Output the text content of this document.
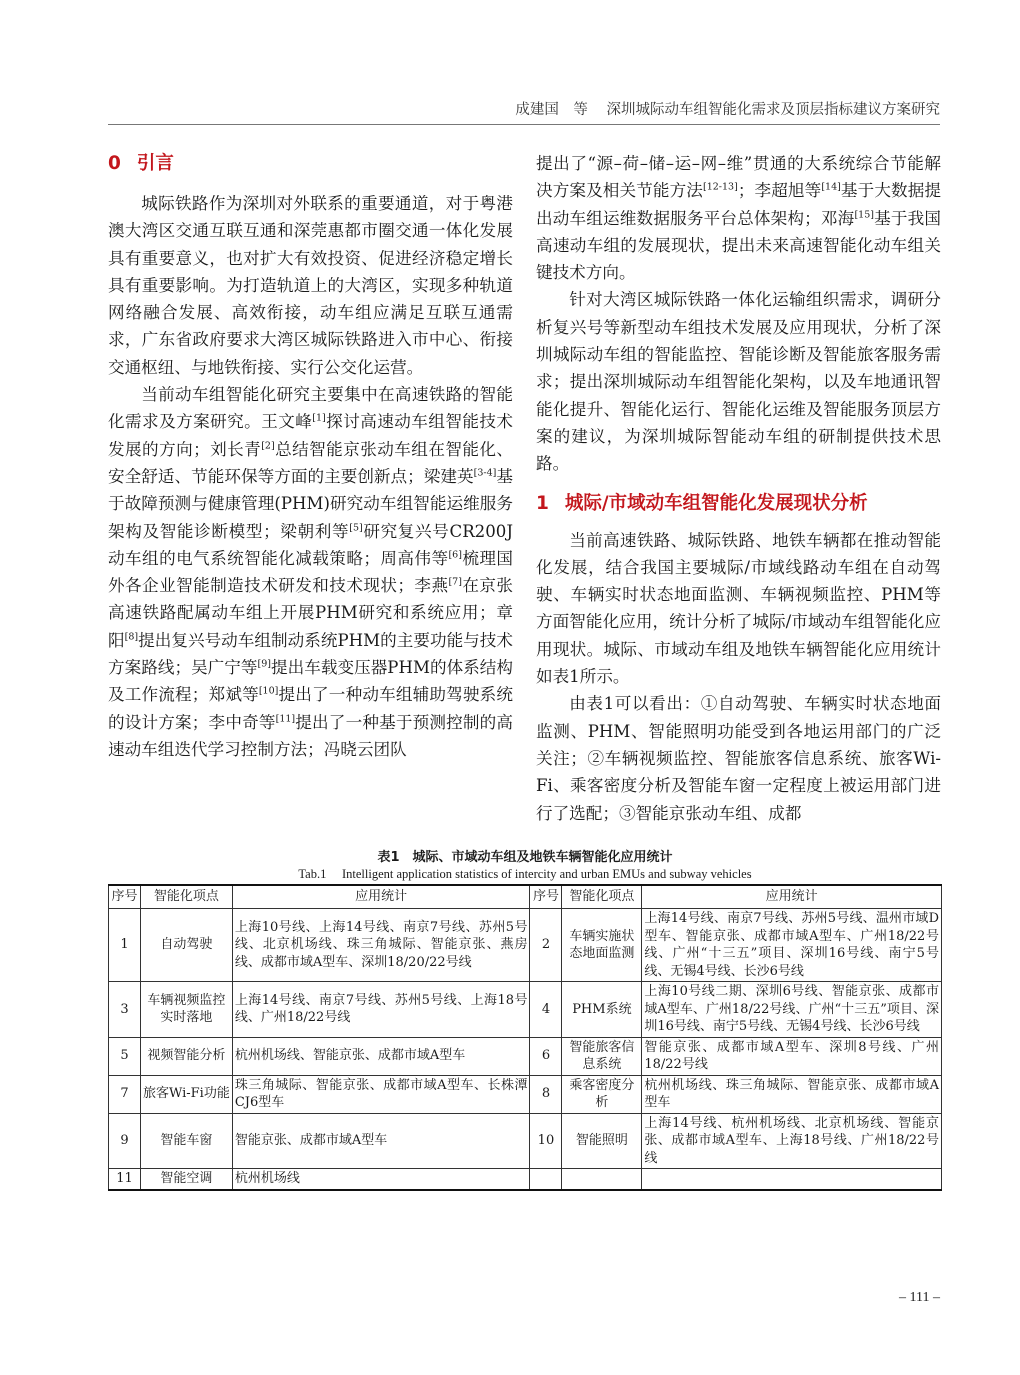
成建国　等 深圳城际动车组智能化需求及顶层指标建议方案研究
0 引言

城际铁路作为深圳对外联系的重要通道，对于粤港澳大湾区交通互联互通和深莞惠都市圈交通一体化发展具有重要意义，也对扩大有效投资、促进经济稳定增长具有重要影响。为打造轨道上的大湾区，实现多种轨道网络融合发展、高效衔接，动车组应满足互联互通需求，广东省政府要求大湾区城际铁路进入市中心、衔接交通枢纽、与地铁衔接、实行公交化运营。

当前动车组智能化研究主要集中在高速铁路的智能化需求及方案研究。王文峰[1]探讨高速动车组智能技术发展的方向；刘长青[2]总结智能京张动车组在智能化、安全舒适、节能环保等方面的主要创新点；梁建英[3-4]基于故障预测与健康管理(PHM)研究动车组智能运维服务架构及智能诊断模型；梁朝利等[5]研究复兴号CR200J动车组的电气系统智能化减载策略；周高伟等[6]梳理国外各企业智能制造技术研发和技术现状；李燕[7]在京张高速铁路配属动车组上开展PHM研究和系统应用；章阳[8]提出复兴号动车组制动系统PHM的主要功能与技术方案路线；吴广宁等[9]提出车载变压器PHM的体系结构及工作流程；郑斌等[10]提出了一种动车组辅助驾驶系统的设计方案；李中奇等[11]提出了一种基于预测控制的高速动车组迭代学习控制方法；冯晓云团队

提出了“源–荷–储–运–网–维”贯通的大系统综合节能解决方案及相关节能方法[12-13]；李超旭等[14]基于大数据提出动车组运维数据服务平台总体架构；邓海[15]基于我国高速动车组的发展现状，提出未来高速智能化动车组关键技术方向。

针对大湾区城际铁路一体化运输组织需求，调研分析复兴号等新型动车组技术发展及应用现状，分析了深圳城际动车组的智能监控、智能诊断及智能旅客服务需求；提出深圳城际动车组智能化架构，以及车地通讯智能化提升、智能化运行、智能化运维及智能服务顶层方案的建议，为深圳城际智能动车组的研制提供技术思路。

1 城际/市域动车组智能化发展现状分析

当前高速铁路、城际铁路、地铁车辆都在推动智能化发展，结合我国主要城际/市域线路动车组在自动驾驶、车辆实时状态地面监测、车辆视频监控、PHM等方面智能化应用，统计分析了城际/市域动车组智能化应用现状。城际、市域动车组及地铁车辆智能化应用统计如表1所示。

由表1可以看出：①自动驾驶、车辆实时状态地面监测、PHM、智能照明功能受到各地运用部门的广泛关注；②车辆视频监控、智能旅客信息系统、旅客Wi-Fi、乘客密度分析及智能车窗一定程度上被运用部门进行了选配；③智能京张动车组、成都

表1　城际、市域动车组及地铁车辆智能化应用统计
Tab.1　 Intelligent application statistics of intercity and urban EMUs and subway vehicles
序号	智能化项点	应用统计	序号	智能化项点	应用统计
1	自动驾驶	上海10号线、上海14号线、南京7号线、苏州5号线、北京机场线、珠三角城际、智能京张、燕房线、成都市域A型车、深圳18/20/22号线	2	车辆实施状态地面监测	上海14号线、南京7号线、苏州5号线、温州市域D型车、智能京张、成都市域A型车、广州18/22号线、广州“十三五”项目、深圳16号线、南宁5号线、无锡4号线、长沙6号线
3	车辆视频监控实时落地	上海14号线、南京7号线、苏州5号线、上海18号线、广州18/22号线	4	PHM系统	上海10号线二期、深圳6号线、智能京张、成都市域A型车、广州18/22号线、广州“十三五”项目、深圳16号线、南宁5号线、无锡4号线、长沙6号线
5	视频智能分析	杭州机场线、智能京张、成都市域A型车	6	智能旅客信息系统	智能京张、成都市域A型车、深圳8号线、广州18/22号线
7	旅客Wi-Fi功能	珠三角城际、智能京张、成都市域A型车、长株潭CJ6型车	8	乘客密度分析	杭州机场线、珠三角城际、智能京张、成都市域A型车
9	智能车窗	智能京张、成都市域A型车	10	智能照明	上海14号线、杭州机场线、北京机场线、智能京张、成都市域A型车、上海18号线、广州18/22号线
11	智能空调	杭州机场线			
– 111 –
